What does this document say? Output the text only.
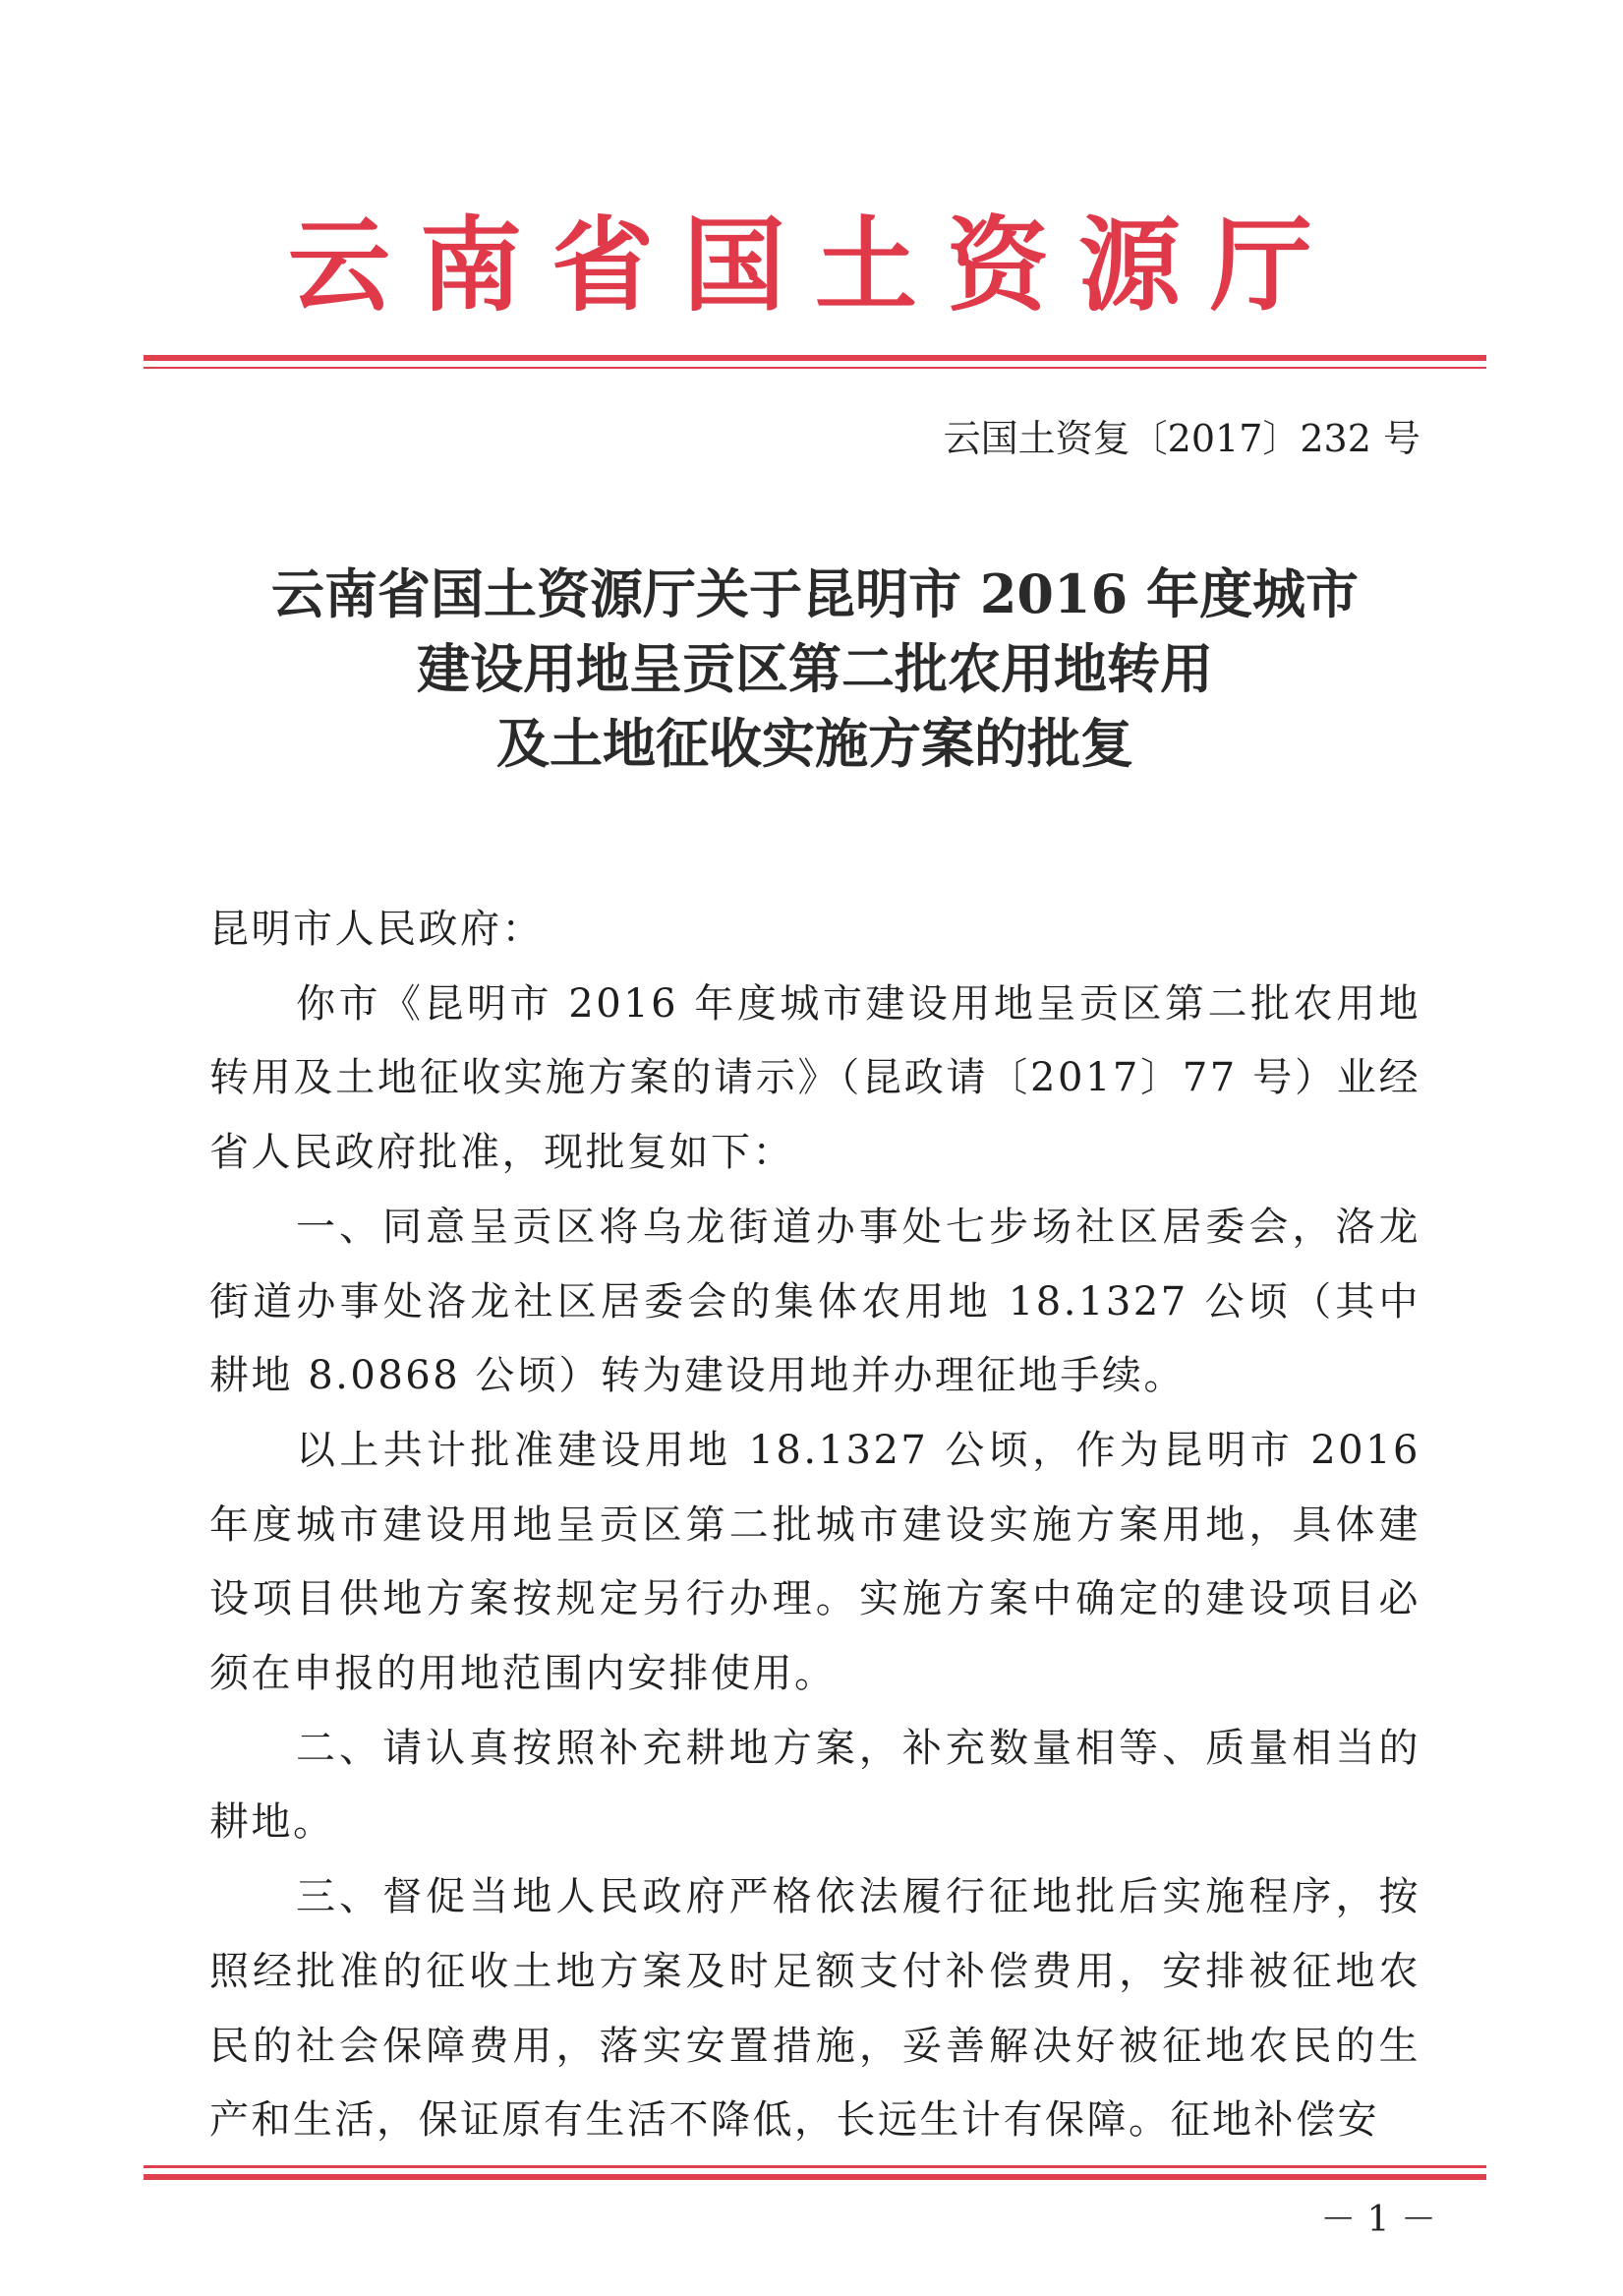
云南省国土资源厅
云国土资复〔2017〕232 号
云南省国土资源厅关于昆明市 2016 年度城市
建设用地呈贡区第二批农用地转用
及土地征收实施方案的批复

昆明市人民政府：

你市《昆明市 2016 年度城市建设用地呈贡区第二批农用地转用及土地征收实施方案的请示》（昆政请〔2017〕77 号）业经省人民政府批准，现批复如下：

一、同意呈贡区将乌龙街道办事处七步场社区居委会，洛龙街道办事处洛龙社区居委会的集体农用地 18.1327 公顷（其中耕地 8.0868 公顷）转为建设用地并办理征地手续。

以上共计批准建设用地 18.1327 公顷，作为昆明市 2016 年度城市建设用地呈贡区第二批城市建设实施方案用地，具体建设项目供地方案按规定另行办理。实施方案中确定的建设项目必须在申报的用地范围内安排使用。

二、请认真按照补充耕地方案，补充数量相等、质量相当的耕地。

三、督促当地人民政府严格依法履行征地批后实施程序，按照经批准的征收土地方案及时足额支付补偿费用，安排被征地农民的社会保障费用，落实安置措施，妥善解决好被征地农民的生产和生活，保证原有生活不降低，长远生计有保障。征地补偿安

－ 1 －
